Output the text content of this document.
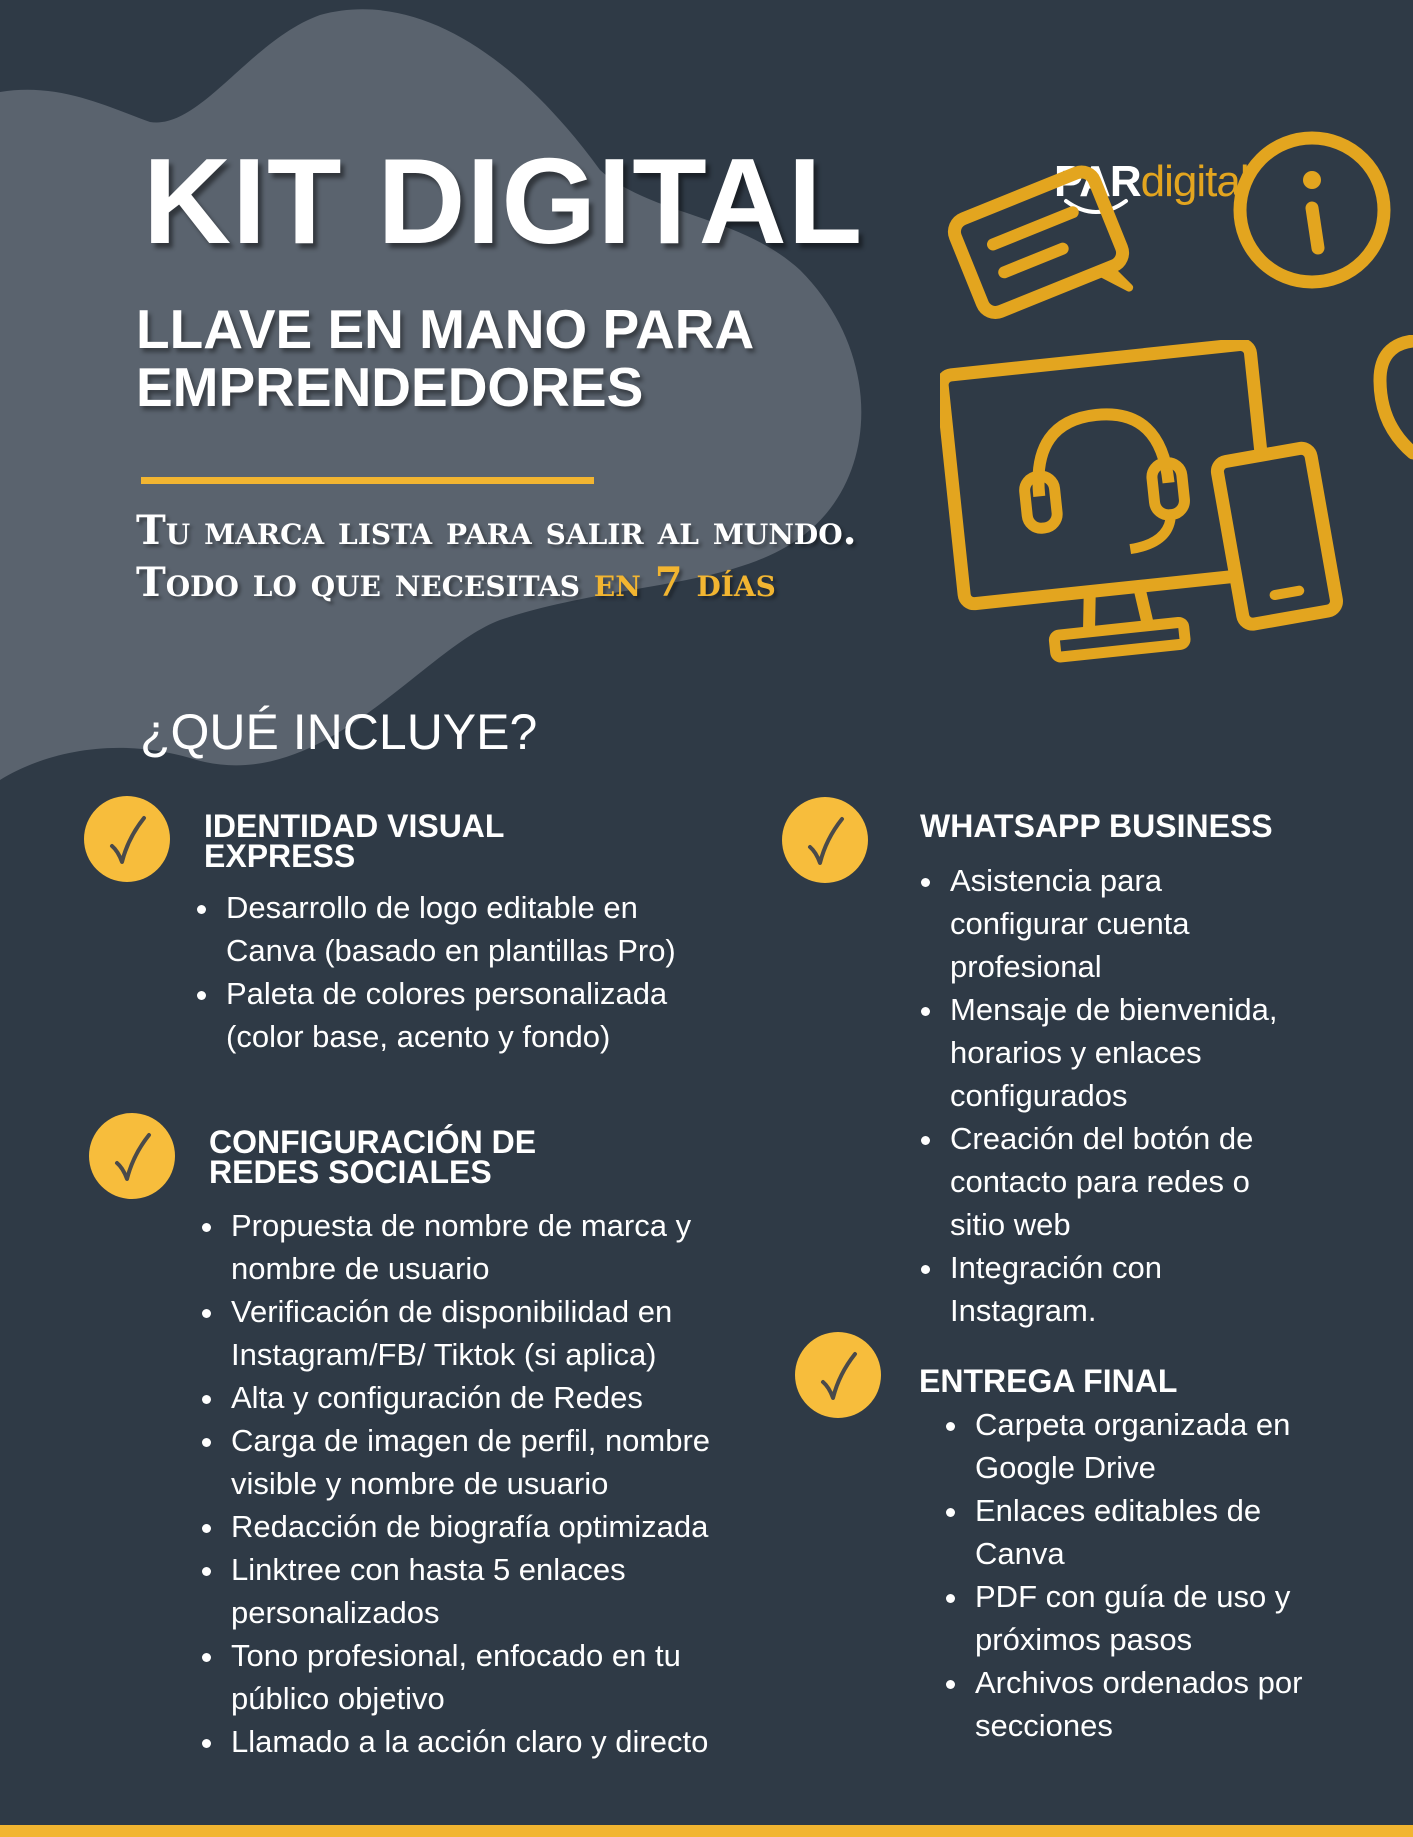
KIT DIGITAL
LLAVE EN MANO PARA
EMPRENDEDORES
Tu marca lista para salir al mundo.
Todo lo que necesitas en 7 días
PARdigital
¿QUÉ INCLUYE?
IDENTIDAD VISUAL
EXPRESS
• Desarrollo de logo editable en
Canva (basado en plantillas Pro)
• Paleta de colores personalizada
(color base, acento y fondo)
CONFIGURACIÓN DE
REDES SOCIALES
• Propuesta de nombre de marca y
nombre de usuario
• Verificación de disponibilidad en
Instagram/FB/ Tiktok (si aplica)
• Alta y configuración de Redes
• Carga de imagen de perfil, nombre
visible y nombre de usuario
• Redacción de biografía optimizada
• Linktree con hasta 5 enlaces
personalizados
• Tono profesional, enfocado en tu
público objetivo
• Llamado a la acción claro y directo
WHATSAPP BUSINESS
• Asistencia para
configurar cuenta
profesional
• Mensaje de bienvenida,
horarios y enlaces
configurados
• Creación del botón de
contacto para redes o
sitio web
• Integración con
Instagram.
ENTREGA FINAL
• Carpeta organizada en
Google Drive
• Enlaces editables de
Canva
• PDF con guía de uso y
próximos pasos
• Archivos ordenados por
secciones
